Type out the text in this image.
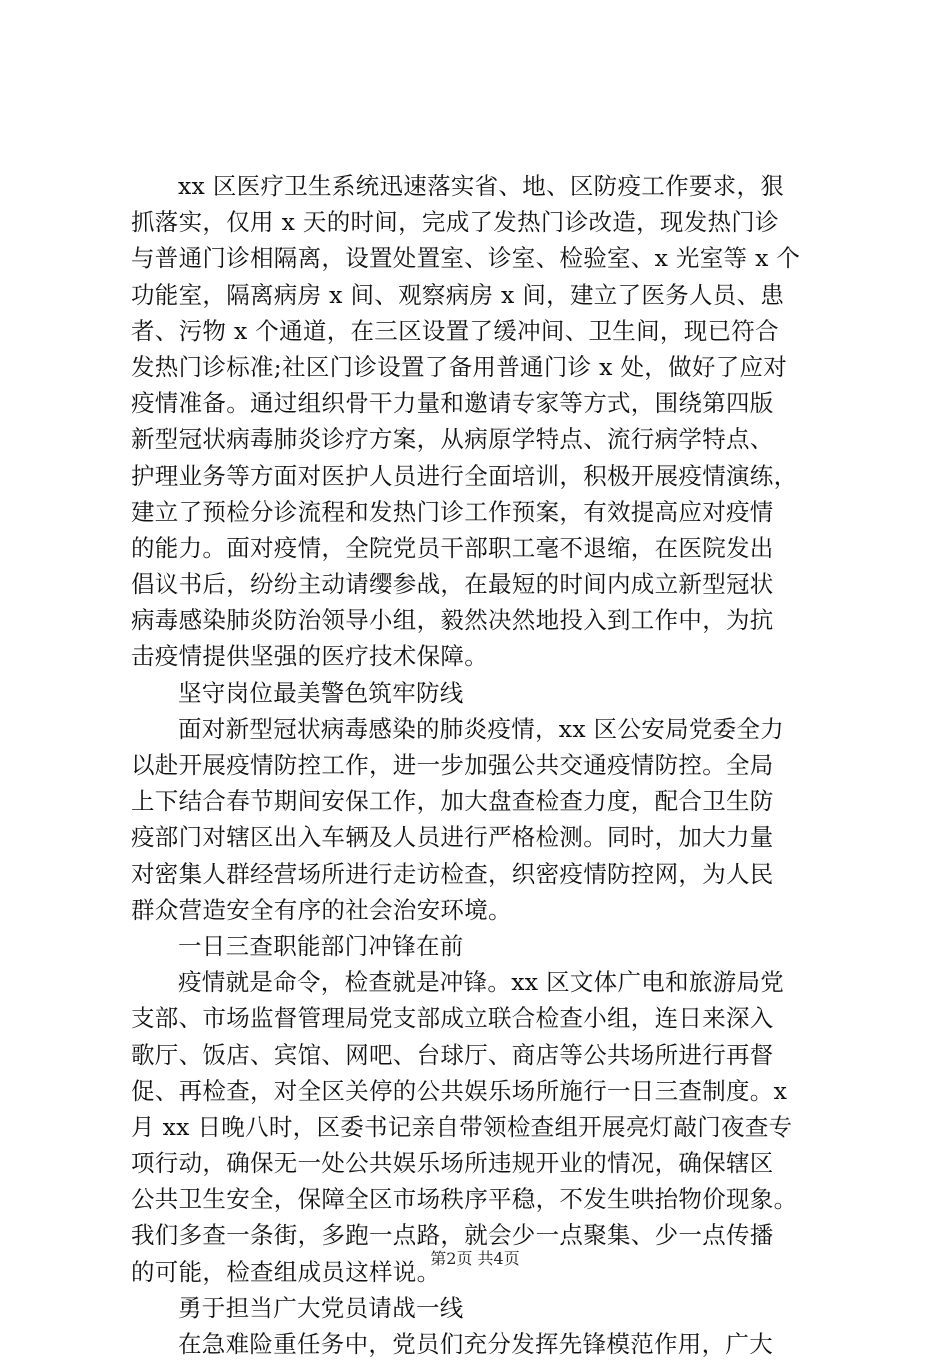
xx 区医疗卫生系统迅速落实省、地、区防疫工作要求，狠
抓落实，仅用 x 天的时间，完成了发热门诊改造，现发热门诊
与普通门诊相隔离，设置处置室、诊室、检验室、x 光室等 x 个
功能室，隔离病房 x 间、观察病房 x 间，建立了医务人员、患
者、污物 x 个通道，在三区设置了缓冲间、卫生间，现已符合
发热门诊标准;社区门诊设置了备用普通门诊 x 处，做好了应对
疫情准备。通过组织骨干力量和邀请专家等方式，围绕第四版
新型冠状病毒肺炎诊疗方案，从病原学特点、流行病学特点、
护理业务等方面对医护人员进行全面培训，积极开展疫情演练，
建立了预检分诊流程和发热门诊工作预案，有效提高应对疫情
的能力。面对疫情，全院党员干部职工毫不退缩，在医院发出
倡议书后，纷纷主动请缨参战，在最短的时间内成立新型冠状
病毒感染肺炎防治领导小组，毅然决然地投入到工作中，为抗
击疫情提供坚强的医疗技术保障。
坚守岗位最美警色筑牢防线
面对新型冠状病毒感染的肺炎疫情，xx 区公安局党委全力
以赴开展疫情防控工作，进一步加强公共交通疫情防控。全局
上下结合春节期间安保工作，加大盘查检查力度，配合卫生防
疫部门对辖区出入车辆及人员进行严格检测。同时，加大力量
对密集人群经营场所进行走访检查，织密疫情防控网，为人民
群众营造安全有序的社会治安环境。
一日三查职能部门冲锋在前
疫情就是命令，检查就是冲锋。xx 区文体广电和旅游局党
支部、市场监督管理局党支部成立联合检查小组，连日来深入
歌厅、饭店、宾馆、网吧、台球厅、商店等公共场所进行再督
促、再检查，对全区关停的公共娱乐场所施行一日三查制度。x
月 xx 日晚八时，区委书记亲自带领检查组开展亮灯敲门夜查专
项行动，确保无一处公共娱乐场所违规开业的情况，确保辖区
公共卫生安全，保障全区市场秩序平稳，不发生哄抬物价现象。
我们多查一条街，多跑一点路，就会少一点聚集、少一点传播
的可能，检查组成员这样说。
勇于担当广大党员请战一线
在急难险重任务中，党员们充分发挥先锋模范作用，广大
第2页 共4页
